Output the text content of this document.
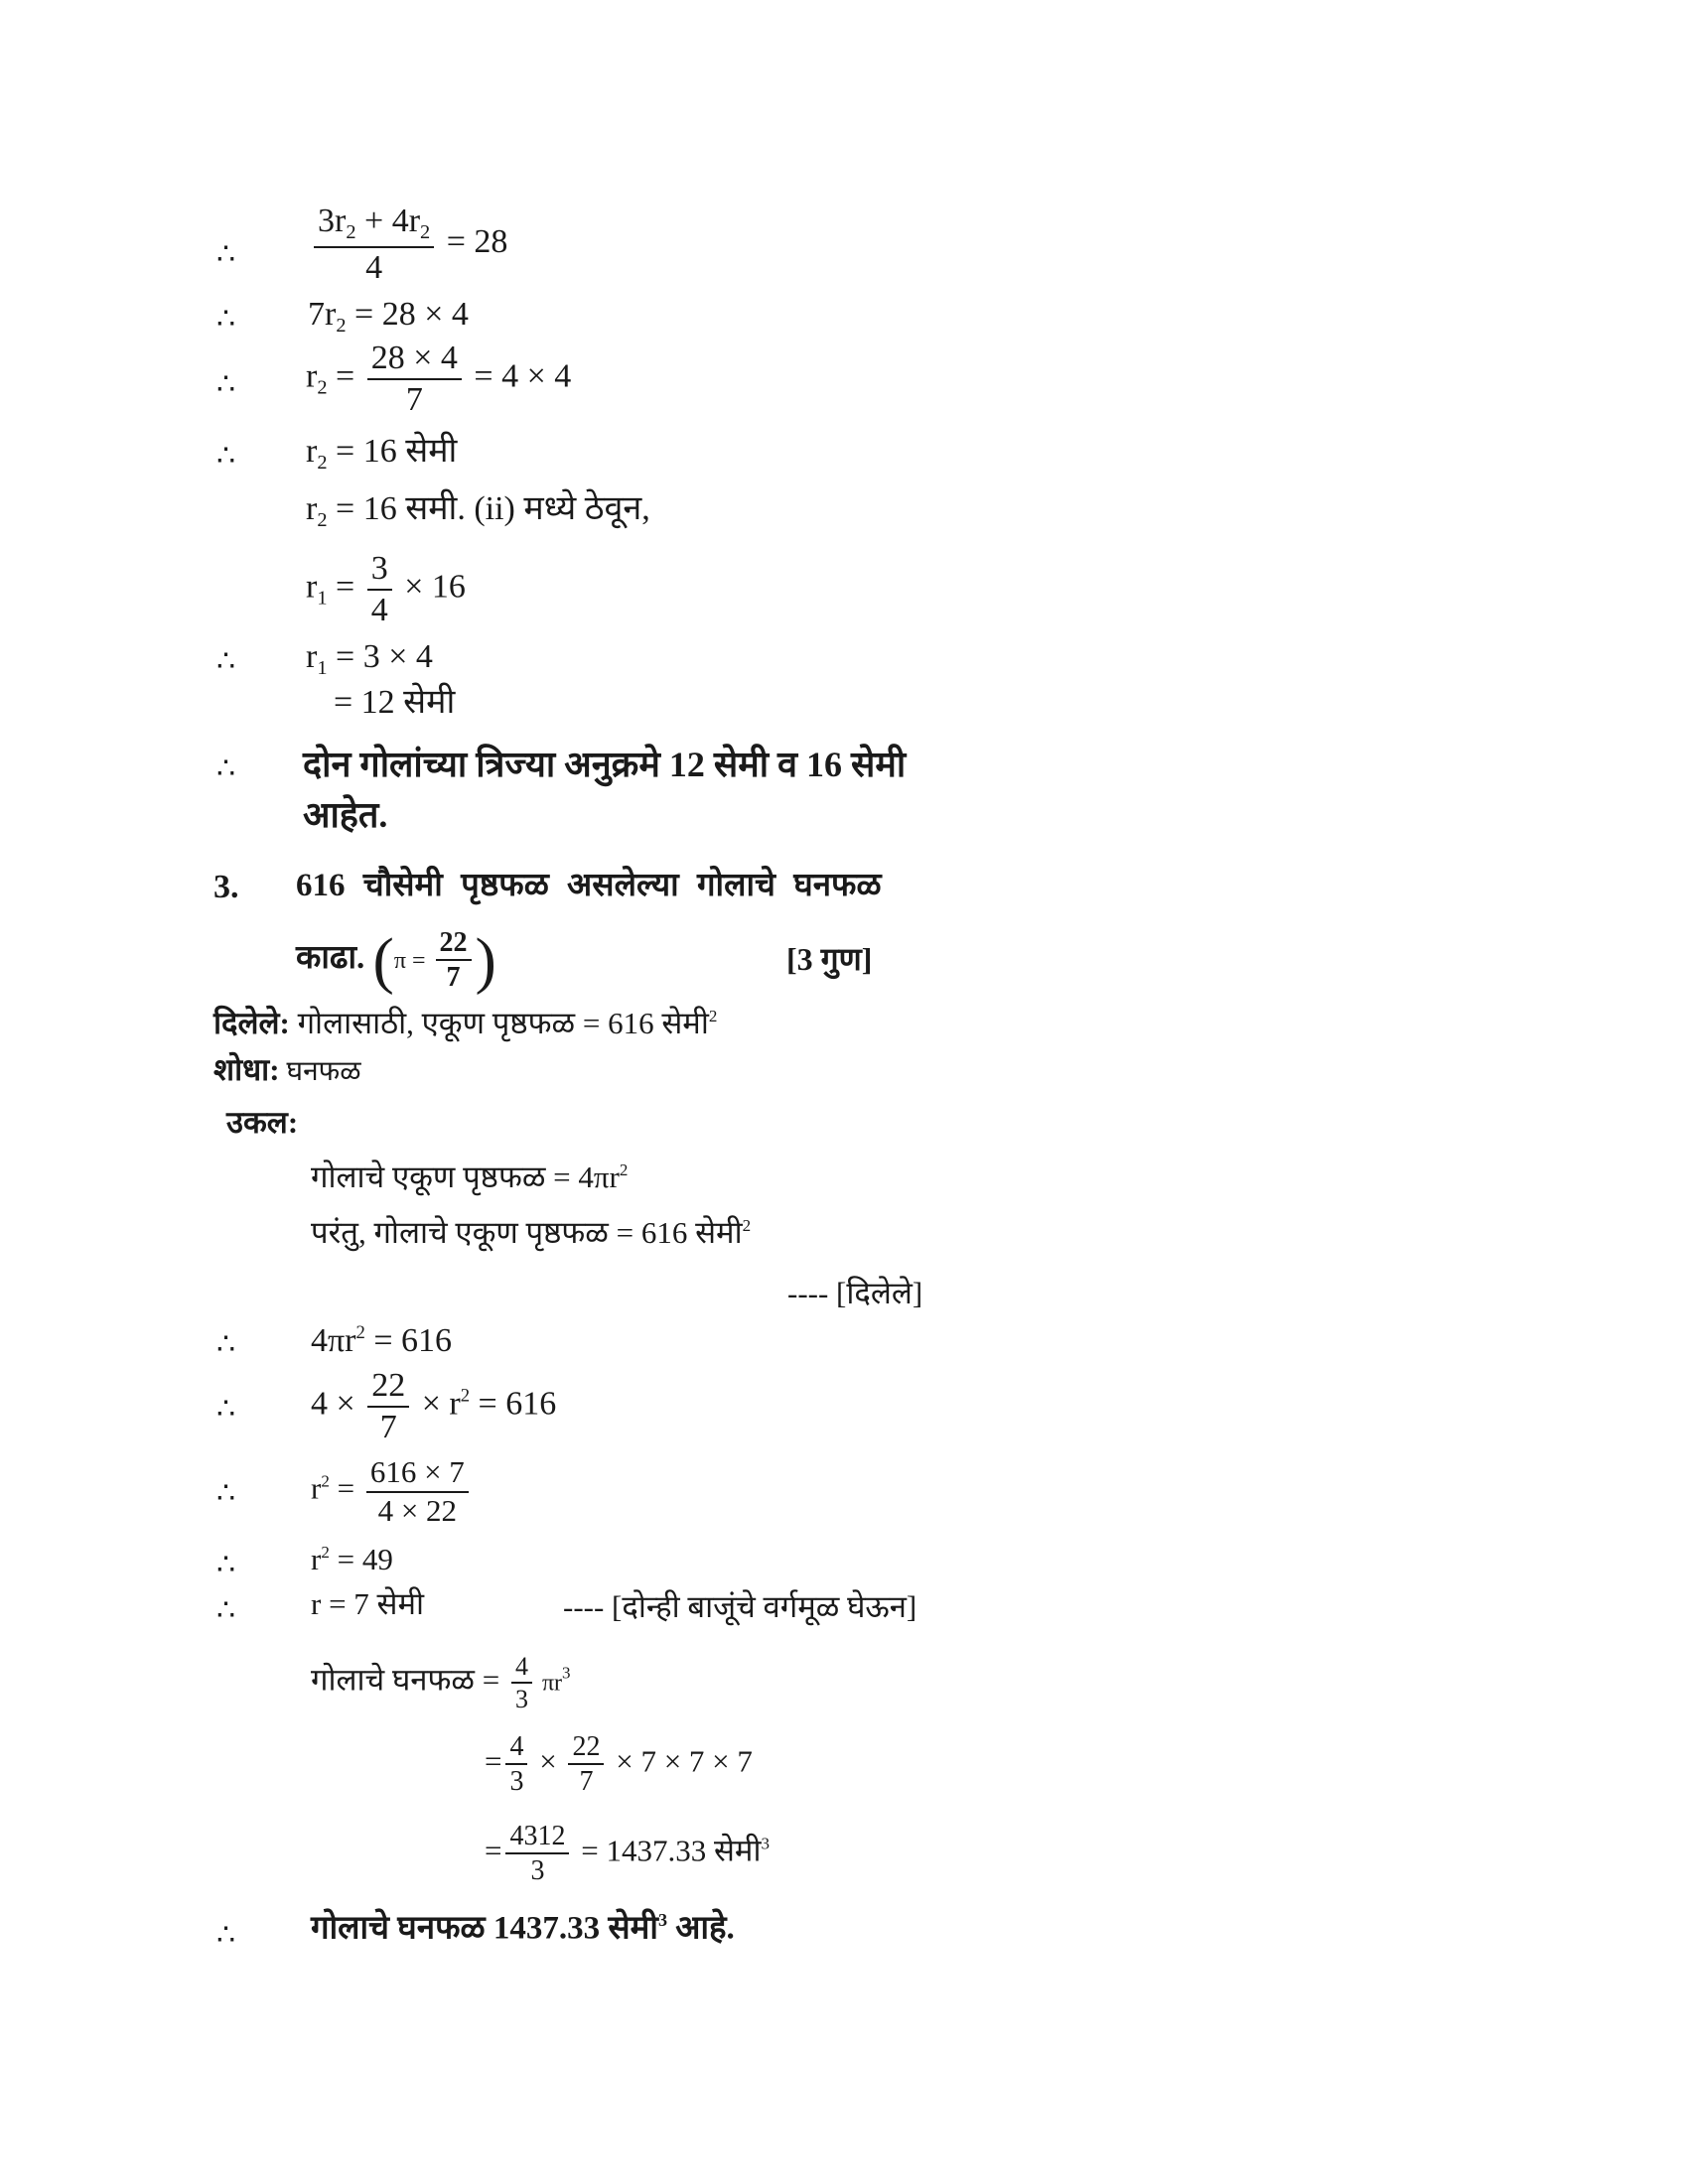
∴ $\frac{3r_2 + 4r_2}{4} = 28$
∴ $7r_2 = 28 \times 4$
∴ $r_2 = \frac{28 \times 4}{7} = 4 \times 4$
∴ $r_2 = 16$ सेमी
$r_2 = 16$ समी. (ii) मध्ये ठेवून,
$r_1 = \frac{3}{4} \times 16$
∴ $r_1 = 3 \times 4$
= 12 सेमी
∴ दोन गोलांच्या त्रिज्या अनुक्रमे 12 सेमी व 16 सेमी
आहेत.
3. 616 चौसेमी पृष्ठफळ असलेल्या गोलाचे घनफळ
काढा. ($\pi = \frac{22}{7}$ )	[3 गुण]
दिलेले: गोलासाठी, एकूण पृष्ठफळ = 616 सेमी$^2$
शोधा: घनफळ
उकल:
गोलाचे एकूण पृष्ठफळ = $4\pi r^2$
परंतु, गोलाचे एकूण पृष्ठफळ = 616 सेमी$^2$
---- [दिलेले]
∴ $4\pi r^2 = 616$
∴ $4 \times \frac{22}{7} \times r^2 = 616$
∴ $r^2 = \frac{616 \times 7}{4 \times 22}$
∴ $r^2 = 49$
∴ r = 7 सेमी	---- [दोन्ही बाजूंचे वर्गमूळ घेऊन]
गोलाचे घनफळ = $\frac{4}{3} \pi r^3$
= $\frac{4}{3} \times \frac{22}{7} \times 7 \times 7 \times 7$
= $\frac{4312}{3} = 1437.33$ सेमी$^3$
∴ गोलाचे घनफळ 1437.33 सेमी$^3$ आहे.
